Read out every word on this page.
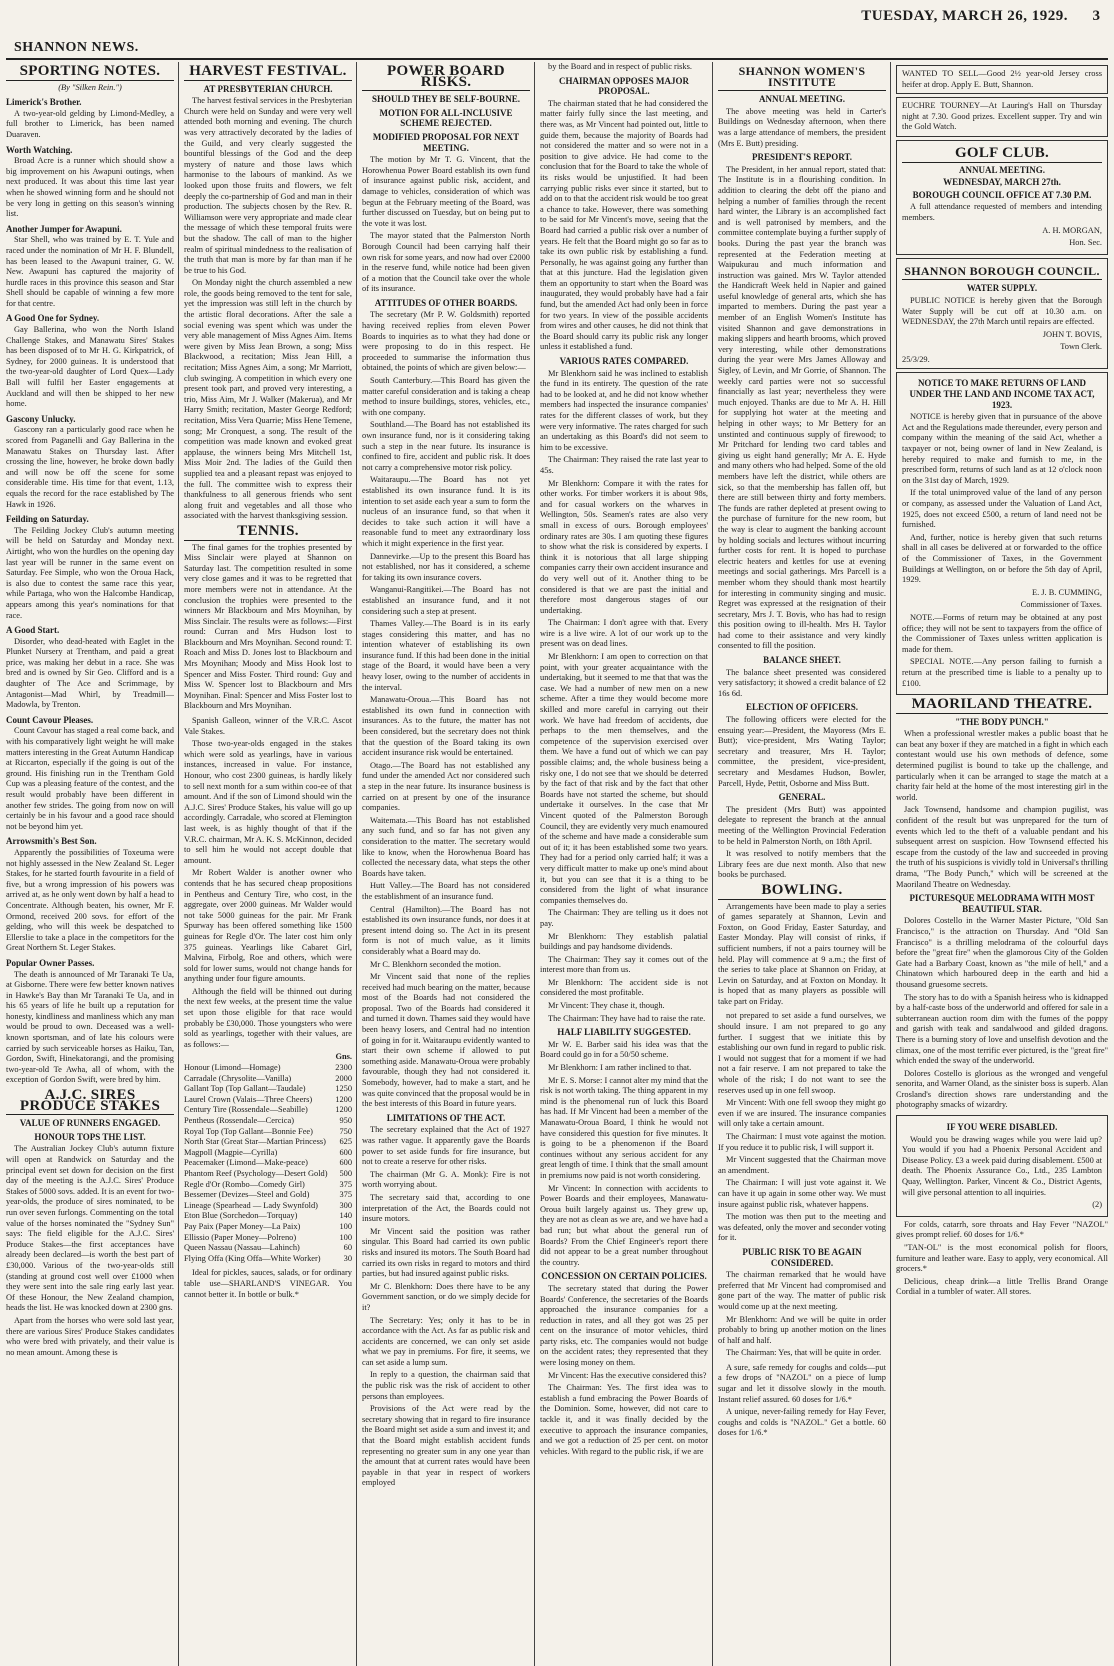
SHANNON NEWS.
TUESDAY, MARCH 26, 1929. 3
SPORTING NOTES.
(By "Silken Rein.")
Limerick's Brother.

A two-year-old gelding by Limond-Medley, a full brother to Limerick, has been named Duaraven.

Worth Watching.

Broad Acre is a runner which should show a big improvement on his Awapuni outings, when next produced. It was about this time last year when he showed winning form and he should not be very long in getting on this season's winning list.

Another Jumper for Awapuni.

Star Shell, who was trained by E. T. Yule and raced under the nomination of Mr H. F. Blundell, has been leased to the Awapuni trainer, G. W. New. Awapuni has captured the majority of hurdle races in this province this season and Star Shell should be capable of winning a few more for that centre.

A Good One for Sydney.

Gay Ballerina, who won the North Island Challenge Stakes, and Manawatu Sires' Stakes has been disposed of to Mr H. G. Kirkpatrick, of Sydney, for 2000 guineas. It is understood that the two-year-old daughter of Lord Quex—Lady Ball will fulfil her Easter engagements at Auckland and will then be shipped to her new home.

Gascony Unlucky.

Gascony ran a particularly good race when he scored from Paganelli and Gay Ballerina in the Manawatu Stakes on Thursday last. After crossing the line, however, he broke down badly and will now be off the scene for some considerable time. His time for that event, 1.13, equals the record for the race established by The Hawk in 1926.

Feilding on Saturday.

The Feilding Jockey Club's autumn meeting will be held on Saturday and Monday next. Airtight, who won the hurdles on the opening day last year will be runner in the same event on Saturday. Fee Simple, who won the Oroua Hack, is also due to contest the same race this year, while Partaga, who won the Halcombe Handicap, appears among this year's nominations for that race.

A Good Start.

Disorder, who dead-heated with Eaglet in the Plunket Nursery at Trentham, and paid a great price, was making her debut in a race. She was bred and is owned by Sir Geo. Clifford and is a daughter of The Ace and Scrimmage, by Antagonist—Mad Whirl, by Treadmill—Madowla, by Trenton.

Count Cavour Pleases.

Count Cavour has staged a real come back, and with his comparatively light weight he will make matters interesting in the Great Autumn Handicap at Riccarton, especially if the going is out of the ground. His finishing run in the Trentham Gold Cup was a pleasing feature of the contest, and the result would probably have been different in another few strides. The going from now on will certainly be in his favour and a good race should not be beyond him yet.

Arrowsmith's Best Son.

Apparently the possibilities of Toxeuma were not highly assessed in the New Zealand St. Leger Stakes, for he started fourth favourite in a field of five, but a wrong impression of his powers was arrived at, as he only went down by half a head to Concentrate. Although beaten, his owner, Mr F. Ormond, received 200 sovs. for effort of the gelding, who will this week be despatched to Ellerslie to take a place in the competitors for the Great Northern St. Leger Stakes.

Popular Owner Passes.

The death is announced of Mr Taranaki Te Ua, at Gisborne. There were few better known natives in Hawke's Bay than Mr Taranaki Te Ua, and in his 65 years of life he built up a reputation for honesty, kindliness and manliness which any man would be proud to own. Deceased was a well-known sportsman, and of late his colours were carried by such serviceable horses as Haiku, Tan, Gordon, Swift, Hinekatorangi, and the promising two-year-old Te Awha, all of whom, with the exception of Gordon Swift, were bred by him.

A.J.C. SIRES PRODUCE STAKES
VALUE OF RUNNERS ENGAGED.
HONOUR TOPS THE LIST.

The Australian Jockey Club's autumn fixture will open at Randwick on Saturday and the principal event set down for decision on the first day of the meeting is the A.J.C. Sires' Produce Stakes of 5000 sovs. added. It is an event for two-year-olds, the produce of sires nominated, to be run over seven furlongs. Commenting on the total value of the horses nominated the "Sydney Sun" says: The field eligible for the A.J.C. Sires' Produce Stakes—the first acceptances have already been declared—is worth the best part of £30,000. Various of the two-year-olds still (standing at ground cost well over £1000 when they were sent into the sale ring early last year. Of these Honour, the New Zealand champion, heads the list. He was knocked down at 2300 gns.

Apart from the horses who were sold last year, there are various Sires' Produce Stakes candidates who were bred with privately, and their value is no mean amount. Among these is

HARVEST FESTIVAL.
AT PRESBYTERIAN CHURCH.

The harvest festival services in the Presbyterian Church were held on Sunday and were very well attended both morning and evening. The church was very attractively decorated by the ladies of the Guild, and very clearly suggested the bountiful blessings of the God and the deep mystery of nature and those laws which harmonise to the labours of mankind. As we looked upon those fruits and flowers, we felt deeply the co-partnership of God and man in their production. The subjects chosen by the Rev. R. Williamson were very appropriate and made clear the message of which these temporal fruits were but the shadow. The call of man to the higher realm of spiritual mindedness to the realisation of the truth that man is more by far than man if he be true to his God.

On Monday night the church assembled a new role, the goods being removed to the tent for sale, yet the impression was still left in the church by the artistic floral decorations. After the sale a social evening was spent which was under the very able management of Miss Agnes Aim. Items were given by Miss Jean Brown, a song; Miss Blackwood, a recitation; Miss Jean Hill, a recitation; Miss Agnes Aim, a song; Mr Marriott, club swinging. A competition in which every one present took part, and proved very interesting, a trio, Miss Aim, Mr J. Walker (Makerua), and Mr Harry Smith; recitation, Master George Redford; recitation, Miss Vera Quarrie; Miss Hene Temene, song; Mr Cronquest, a song. The result of the competition was made known and evoked great applause, the winners being Mrs Mitchell 1st, Miss Moir 2nd. The ladies of the Guild then supplied tea and a pleasant repast was enjoyed to the full. The committee wish to express their thankfulness to all generous friends who sent along fruit and vegetables and all those who associated with the harvest thanksgiving session.

TENNIS.

The final games for the trophies presented by Miss Sinclair were played at Shannon on Saturday last. The competition resulted in some very close games and it was to be regretted that more members were not in attendance. At the conclusion the trophies were presented to the winners Mr Blackbourn and Mrs Moynihan, by Miss Sinclair. The results were as follows:—First round: Curran and Mrs Hudson lost to Blackbourn and Mrs Moynihan. Second round: T. Roach and Miss D. Jones lost to Blackbourn and Mrs Moynihan; Moody and Miss Hook lost to Spencer and Miss Foster. Third round: Guy and Miss W. Spencer lost to Blackbourn and Mrs Moynihan. Final: Spencer and Miss Foster lost to Blackbourn and Mrs Moynihan.

Spanish Galleon, winner of the V.R.C. Ascot Vale Stakes.

Those two-year-olds engaged in the stakes which were sold as yearlings, have in various instances, increased in value. For instance, Honour, who cost 2300 guineas, is hardly likely to sell next month for a sum within coo-ee of that amount. And if the son of Limond should win the A.J.C. Sires' Produce Stakes, his value will go up accordingly. Carradale, who scored at Flemington last week, is as highly thought of that if the V.R.C. chairman, Mr A. K. S. McKinnon, decided to sell him he would not accept double that amount.

Mr Robert Walder is another owner who contends that he has secured cheap propositions in Pentheus and Century Tire, who cost, in the aggregate, over 2000 guineas. Mr Walder would not take 5000 guineas for the pair. Mr Frank Spurway has been offered something like 1500 guineas for Regle d'Or. The later cost him only 375 guineas. Yearlings like Cabaret Girl, Malvina, Firbolg, Roe and others, which were sold for lower sums, would not change hands for anything under four figure amounts.

Although the field will be thinned out during the next few weeks, at the present time the value set upon those eligible for that race would probably be £30,000. Those youngsters who were sold as yearlings, together with their values, are as follows:—

Gns.
Honour (Limond—Homage)	2300
Carradale (Chrysolite—Vanilla)	2000
Gallant Top (Top Gallant—Taudale)	1250
Laurel Crown (Valais—Three Cheers)	1200
Century Tire (Rossendale—Seabille)	1200
Pentheus (Rossendale—Cercica)	950
Royal Top (Top Gallant—Bonnie Fee)	750
North Star (Great Star—Martian Princess)	625
Magpoll (Magpie—Cyrilla)	600
Peacemaker (Limond—Make-peace)	600
Phantom Reef (Psychology—Desert Gold)	500
Regle d'Or (Rombo—Comedy Girl)	375
Bessemer (Devizes—Steel and Gold)	375
Lineage (Spearhead — Lady Swynfold)	300
Eton Blue (Sorchedon—Torquay)	140
Pay Paix (Paper Money—La Paix)	100
Ellissio (Paper Money—Polreno)	100
Queen Nassau (Nassau—Lahinch)	60
Flying Offa (King Offa—White Worker)	30

Ideal for pickles, sauces, salads, or for ordinary table use—SHARLAND'S VINEGAR. You cannot better it. In bottle or bulk.*

POWER BOARD RISKS.
SHOULD THEY BE SELF-BOURNE.
MOTION FOR ALL-INCLUSIVE SCHEME REJECTED.
MODIFIED PROPOSAL FOR NEXT MEETING.

The motion by Mr T. G. Vincent, that the Horowhenua Power Board establish its own fund of insurance against public risk, accident, and damage to vehicles, consideration of which was begun at the February meeting of the Board, was further discussed on Tuesday, but on being put to the vote it was lost.

The mayor stated that the Palmerston North Borough Council had been carrying half their own risk for some years, and now had over £2000 in the reserve fund, while notice had been given of a motion that the Council take over the whole of its insurance.

ATTITUDES OF OTHER BOARDS.

The secretary (Mr P. W. Goldsmith) reported having received replies from eleven Power Boards to inquiries as to what they had done or were proposing to do in this respect. He proceeded to summarise the information thus obtained, the points of which are given below:—

South Canterbury.—This Board has given the matter careful consideration and is taking a cheap method to insure buildings, stores, vehicles, etc., with one company.

Southland.—The Board has not established its own insurance fund, nor is it considering taking such a step in the near future. Its insurance is confined to fire, accident and public risk. It does not carry a comprehensive motor risk policy.

Waitaraupu.—The Board has not yet established its own insurance fund. It is its intention to set aside each year a sum to form the nucleus of an insurance fund, so that when it decides to take such action it will have a reasonable fund to meet any extraordinary loss which it might experience in the first year.

Dannevirke.—Up to the present this Board has not established, nor has it considered, a scheme for taking its own insurance covers.

Wanganui-Rangitikei.—The Board has not established an insurance fund, and it not considering such a step at present.

Thames Valley.—The Board is in its early stages considering this matter, and has no intention whatever of establishing its own insurance fund. If this had been done in the initial stage of the Board, it would have been a very heavy loser, owing to the number of accidents in the interval.

Manawatu-Oroua.—This Board has not established its own fund in connection with insurances. As to the future, the matter has not been considered, but the secretary does not think that the question of the Board taking its own accident insurance risk would be entertained.

Otago.—The Board has not established any fund under the amended Act nor considered such a step in the near future. Its insurance business is carried on at present by one of the insurance companies.

Waitemata.—This Board has not established any such fund, and so far has not given any consideration to the matter. The secretary would like to know, when the Horowhenua Board has collected the necessary data, what steps the other Boards have taken.

Hutt Valley.—The Board has not considered the establishment of an insurance fund.

Central (Hamilton).—The Board has not established its own insurance funds, nor does it at present intend doing so. The Act in its present form is not of much value, as it limits considerably what a Board may do.

Mr C. Blenkhorn seconded the motion.

Mr Vincent said that none of the replies received had much bearing on the matter, because most of the Boards had not considered the proposal. Two of the Boards had considered it and turned it down. Thames said they would have been heavy losers, and Central had no intention of going in for it. Waitaraupu evidently wanted to start their own scheme if allowed to put something aside. Manawatu-Oroua were probably favourable, though they had not considered it. Somebody, however, had to make a start, and he was quite convinced that the proposal would be in the best interests of this Board in future years.

LIMITATIONS OF THE ACT.

The secretary explained that the Act of 1927 was rather vague. It apparently gave the Boards power to set aside funds for fire insurance, but not to create a reserve for other risks.

The chairman (Mr G. A. Monk): Fire is not worth worrying about.

The secretary said that, according to one interpretation of the Act, the Boards could not insure motors.

Mr Vincent said the position was rather singular. This Board had carried its own public risks and insured its motors. The South Board had carried its own risks in regard to motors and third parties, but had insured against public risks.

Mr C. Blenkhorn: Does there have to be any Government sanction, or do we simply decide for it?

The Secretary: Yes; only it has to be in accordance with the Act. As far as public risk and accidents are concerned, we can only set aside what we pay in premiums. For fire, it seems, we can set aside a lump sum.

In reply to a question, the chairman said that the public risk was the risk of accident to other persons than employees.

Provisions of the Act were read by the secretary showing that in regard to fire insurance the Board might set aside a sum and invest it; and that the Board might establish accident funds representing no greater sum in any one year than the amount that at current rates would have been payable in that year in respect of workers employed

by the Board and in respect of public risks.

CHAIRMAN OPPOSES MAJOR PROPOSAL.

The chairman stated that he had considered the matter fairly fully since the last meeting, and there was, as Mr Vincent had pointed out, little to guide them, because the majority of Boards had not considered the matter and so were not in a position to give advice. He had come to the conclusion that for the Board to take the whole of its risks would be unjustified. It had been carrying public risks ever since it started, but to add on to that the accident risk would be too great a chance to take. However, there was something to be said for Mr Vincent's move, seeing that the Board had carried a public risk over a number of years. He felt that the Board might go so far as to take its own public risk by establishing a fund. Personally, he was against going any further than that at this juncture. Had the legislation given them an opportunity to start when the Board was inaugurated, they would probably have had a fair fund, but the amended Act had only been in force for two years. In view of the possible accidents from wires and other causes, he did not think that the Board should carry its public risk any longer unless it established a fund.

VARIOUS RATES COMPARED.

Mr Blenkhorn said he was inclined to establish the fund in its entirety. The question of the rate had to be looked at, and he did not know whether members had inspected the insurance companies' rates for the different classes of work, but they were very informative. The rates charged for such an undertaking as this Board's did not seem to him to be excessive.

The Chairman: They raised the rate last year to 45s.

Mr Blenkhorn: Compare it with the rates for other works. For timber workers it is about 98s, and for casual workers on the wharves in Wellington, 50s. Seamen's rates are also very small in excess of ours. Borough employees' ordinary rates are 30s. I am quoting these figures to show what the risk is considered by experts. I think it is notorious that all large shipping companies carry their own accident insurance and do very well out of it. Another thing to be considered is that we are past the initial and therefore most dangerous stages of our undertaking.

The Chairman: I don't agree with that. Every wire is a live wire. A lot of our work up to the present was on dead lines.

Mr Blenkhorn: I am open to correction on that point, with your greater acquaintance with the undertaking, but it seemed to me that that was the case. We had a number of new men on a new scheme. After a time they would become more skilled and more careful in carrying out their work. We have had freedom of accidents, due perhaps to the men themselves, and the competence of the supervision exercised over them. We have a fund out of which we can pay possible claims; and, the whole business being a risky one, I do not see that we should be deterred by the fact of that risk and by the fact that other Boards have not started the scheme, but should undertake it ourselves. In the case that Mr Vincent quoted of the Palmerston Borough Council, they are evidently very much enamoured of the scheme and have made a considerable sum out of it; it has been established some two years. They had for a period only carried half; it was a very difficult matter to make up one's mind about it, but you can see that it is a thing to be considered from the light of what insurance companies themselves do.

The Chairman: They are telling us it does not pay.

Mr Blenkhorn: They establish palatial buildings and pay handsome dividends.

The Chairman: They say it comes out of the interest more than from us.

Mr Blenkhorn: The accident side is not considered the most profitable.

Mr Vincent: They chase it, though.

The Chairman: They have had to raise the rate.

HALF LIABILITY SUGGESTED.

Mr W. E. Barber said his idea was that the Board could go in for a 50/50 scheme.

Mr Blenkhorn: I am rather inclined to that.

Mr E. S. Morse: I cannot alter my mind that the risk is not worth taking. The thing apparent in my mind is the phenomenal run of luck this Board has had. If Mr Vincent had been a member of the Manawatu-Oroua Board, I think he would not have considered this question for five minutes. It is going to be a phenomenon if the Board continues without any serious accident for any great length of time. I think that the small amount in premiums now paid is not worth considering.

Mr Vincent: In connection with accidents to Power Boards and their employees, Manawatu-Oroua built largely against us. They grew up, they are not as clean as we are, and we have had a bad run; but what about the general run of Boards? From the Chief Engineer's report there did not appear to be a great number throughout the country.

CONCESSION ON CERTAIN POLICIES.

The secretary stated that during the Power Boards' Conference, the secretaries of the Boards approached the insurance companies for a reduction in rates, and all they got was 25 per cent on the insurance of motor vehicles, third party risks, etc. The companies would not budge on the accident rates; they represented that they were losing money on them.

Mr Vincent: Has the executive considered this?

The Chairman: Yes. The first idea was to establish a fund embracing the Power Boards of the Dominion. Some, however, did not care to tackle it, and it was finally decided by the executive to approach the insurance companies, and we got a reduction of 25 per cent. on motor vehicles. With regard to the public risk, if we are

SHANNON WOMEN'S INSTITUTE
ANNUAL MEETING.

The above meeting was held in Carter's Buildings on Wednesday afternoon, when there was a large attendance of members, the president (Mrs E. Butt) presiding.

PRESIDENT'S REPORT.

The President, in her annual report, stated that: The Institute is in a flourishing condition. In addition to clearing the debt off the piano and helping a number of families through the recent hard winter, the Library is an accomplished fact and is well patronised by members, and the committee contemplate buying a further supply of books. During the past year the branch was represented at the Federation meeting at Waipukurau and much information and instruction was gained. Mrs W. Taylor attended the Handicraft Week held in Napier and gained useful knowledge of general arts, which she has imparted to members. During the past year a member of an English Women's Institute has visited Shannon and gave demonstrations in making slippers and hearth brooms, which proved very interesting, while other demonstrations during the year were Mrs James Alloway and Sigley, of Levin, and Mr Gorrie, of Shannon. The weekly card parties were not so successful financially as last year; nevertheless they were much enjoyed. Thanks are due to Mr A. H. Hill for supplying hot water at the meeting and helping in other ways; to Mr Bettery for an unstinted and continuous supply of firewood; to Mr Pritchard for lending two card tables and giving us eight hand generally; Mr A. E. Hyde and many others who had helped. Some of the old members have left the district, while others are sick, so that the membership has fallen off, but there are still between thirty and forty members. The funds are rather depleted at present owing to the purchase of furniture for the new room, but the way is clear to augment the banking account by holding socials and lectures without incurring further costs for rent. It is hoped to purchase electric heaters and kettles for use at evening meetings and social gatherings. Mrs Parcell is a member whom they should thank most heartily for interesting in community singing and music. Regret was expressed at the resignation of their secretary, Mrs J. T. Bovis, who has had to resign this position owing to ill-health. Mrs H. Taylor had come to their assistance and very kindly consented to fill the position.

BALANCE SHEET.

The balance sheet presented was considered very satisfactory; it showed a credit balance of £2 16s 6d.

ELECTION OF OFFICERS.

The following officers were elected for the ensuing year:—President, the Mayoress (Mrs E. Butt); vice-president, Mrs Wating Taylor; secretary and treasurer, Mrs H. Taylor; committee, the president, vice-president, secretary and Mesdames Hudson, Bowler, Parcell, Hyde, Pettit, Osborne and Miss Butt.

GENERAL.

The president (Mrs Butt) was appointed delegate to represent the branch at the annual meeting of the Wellington Provincial Federation to be held in Palmerston North, on 18th April.

It was resolved to notify members that the Library fees are due next month. Also that new books be purchased.

BOWLING.

Arrangements have been made to play a series of games separately at Shannon, Levin and Foxton, on Good Friday, Easter Saturday, and Easter Monday. Play will consist of rinks, if sufficient numbers, if not a pairs tourney will be held. Play will commence at 9 a.m.; the first of the series to take place at Shannon on Friday, at Levin on Saturday, and at Foxton on Monday. It is hoped that as many players as possible will take part on Friday.

not prepared to set aside a fund ourselves, we should insure. I am not prepared to go any further. I suggest that we initiate this by establishing our own fund in regard to public risk. I would not suggest that for a moment if we had not a fair reserve. I am not prepared to take the whole of the risk; I do not want to see the reserves used up in one fell swoop.

Mr Vincent: With one fell swoop they might go even if we are insured. The insurance companies will only take a certain amount.

The Chairman: I must vote against the motion. If you reduce it to public risk, I will support it.

Mr Vincent suggested that the Chairman move an amendment.

The Chairman: I will just vote against it. We can have it up again in some other way. We must insure against public risk, whatever happens.

The motion was then put to the meeting and was defeated, only the mover and seconder voting for it.

PUBLIC RISK TO BE AGAIN CONSIDERED.

The chairman remarked that he would have preferred that Mr Vincent had compromised and gone part of the way. The matter of public risk would come up at the next meeting.

Mr Blenkhorn: And we will be quite in order probably to bring up another motion on the lines of half and half.

The Chairman: Yes, that will be quite in order.

A sure, safe remedy for coughs and colds—put a few drops of "NAZOL" on a piece of lump sugar and let it dissolve slowly in the mouth. Instant relief assured. 60 doses for 1/6.*

A unique, never-failing remedy for Hay Fever, coughs and colds is "NAZOL." Get a bottle. 60 doses for 1/6.*

WANTED TO SELL—Good 2½ year-old Jersey cross heifer at drop. Apply E. Butt, Shannon.
EUCHRE TOURNEY—At Lauring's Hall on Thursday night at 7.30. Good prizes. Excellent supper. Try and win the Gold Watch.
GOLF CLUB.
ANNUAL MEETING.
WEDNESDAY, MARCH 27th.
BOROUGH COUNCIL OFFICE AT 7.30 P.M.

A full attendance requested of members and intending members.

A. H. MORGAN,
Hon. Sec.
SHANNON BOROUGH COUNCIL.
WATER SUPPLY.

PUBLIC NOTICE is hereby given that the Borough Water Supply will be cut off at 10.30 a.m. on WEDNESDAY, the 27th March until repairs are effected.

JOHN T. BOVIS,
Town Clerk.
25/3/29.
NOTICE TO MAKE RETURNS OF LAND UNDER THE LAND AND INCOME TAX ACT, 1923.

NOTICE is hereby given that in pursuance of the above Act and the Regulations made thereunder, every person and company within the meaning of the said Act, whether a taxpayer or not, being owner of land in New Zealand, is hereby required to make and furnish to me, in the prescribed form, returns of such land as at 12 o'clock noon on the 31st day of March, 1929.

If the total unimproved value of the land of any person or company, as assessed under the Valuation of Land Act, 1925, does not exceed £500, a return of land need not be furnished.

And, further, notice is hereby given that such returns shall in all cases be delivered at or forwarded to the office of the Commissioner of Taxes, in the Government Buildings at Wellington, on or before the 5th day of April, 1929.

E. J. B. CUMMING,
Commissioner of Taxes.

NOTE.—Forms of return may be obtained at any post office; they will not be sent to taxpayers from the office of the Commissioner of Taxes unless written application is made for them.

SPECIAL NOTE.—Any person failing to furnish a return at the prescribed time is liable to a penalty up to £100.

MAORILAND THEATRE.
"THE BODY PUNCH."

When a professional wrestler makes a public boast that he can beat any boxer if they are matched in a fight in which each contestant would use his own methods of defence, some determined pugilist is bound to take up the challenge, and particularly when it can be arranged to stage the match at a charity fair held at the home of the most interesting girl in the world.

Jack Townsend, handsome and champion pugilist, was confident of the result but was unprepared for the turn of events which led to the theft of a valuable pendant and his subsequent arrest on suspicion. How Townsend effected his escape from the custody of the law and succeeded in proving the truth of his suspicions is vividly told in Universal's thrilling drama, "The Body Punch," which will be screened at the Maoriland Theatre on Wednesday.

PICTURESQUE MELODRAMA WITH MOST BEAUTIFUL STAR.

Dolores Costello in the Warner Master Picture, "Old San Francisco," is the attraction on Thursday. And "Old San Francisco" is a thrilling melodrama of the colourful days before the "great fire" when the glamorous City of the Golden Gate had a Barbary Coast, known as "the mile of hell," and a Chinatown which harboured deep in the earth and hid a thousand gruesome secrets.

The story has to do with a Spanish heiress who is kidnapped by a half-caste boss of the underworld and offered for sale in a subterranean auction room dim with the fumes of the poppy and garish with teak and sandalwood and gilded dragons. There is a burning story of love and unselfish devotion and the climax, one of the most terrific ever pictured, is the "great fire" which ended the sway of the underworld.

Dolores Costello is glorious as the wronged and vengeful senorita, and Warner Oland, as the sinister boss is superb. Alan Crosland's direction shows rare understanding and the photography smacks of wizardry.

IF YOU WERE DISABLED.

Would you be drawing wages while you were laid up? You would if you had a Phoenix Personal Accident and Disease Policy. £3 a week paid during disablement. £500 at death. The Phoenix Assurance Co., Ltd., 235 Lambton Quay, Wellington. Parker, Vincent & Co., District Agents, will give personal attention to all inquiries.

(2)

For colds, catarrh, sore throats and Hay Fever "NAZOL" gives prompt relief. 60 doses for 1/6.*

"TAN-OL" is the most economical polish for floors, furniture and leather ware. Easy to apply, very economical. All grocers.*

Delicious, cheap drink—a little Trellis Brand Orange Cordial in a tumbler of water. All stores.
